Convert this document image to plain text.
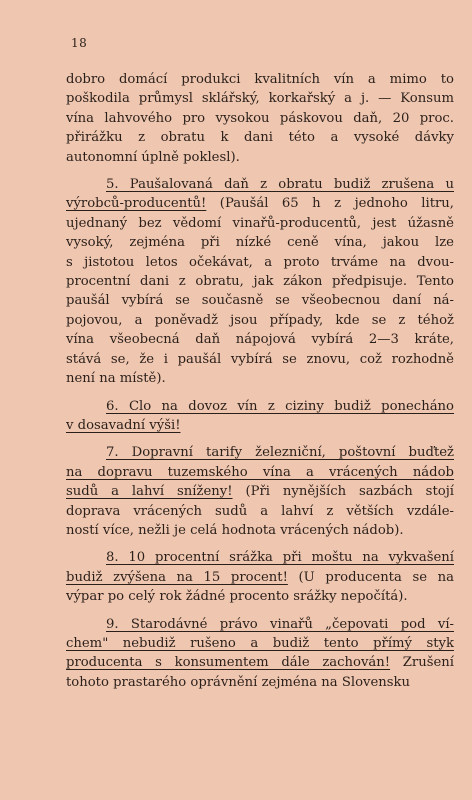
18
dobro domácí produkci kvalitních vín a mimo to
poškodila průmysl sklářský, korkařský a j. — Konsum
vína lahvového pro vysokou páskovou daň, 20 proc.
přirážku z obratu k dani této a vysoké dávky
autonomní úplně poklesl).
5. Paušalovaná daň z obratu budiž zrušena u
výrobců-producentů! (Paušál 65 h z jednoho litru,
ujednaný bez vědomí vinařů-producentů, jest úžasně
vysoký, zejména při nízké ceně vína, jakou lze
s jistotou letos očekávat, a proto trváme na dvou-
procentní dani z obratu, jak zákon předpisuje. Tento
paušál vybírá se současně se všeobecnou daní ná-
pojovou, a poněvadž jsou případy, kde se z téhož
vína všeobecná daň nápojová vybírá 2—3 kráte,
stává se, že i paušál vybírá se znovu, což rozhodně
není na místě).
6. Clo na dovoz vín z ciziny budiž ponecháno
v dosavadní výši!
7. Dopravní tarify železniční, poštovní buďtež
na dopravu tuzemského vína a vrácených nádob
sudů a lahví sníženy! (Při nynějších sazbách stojí
doprava vrácených sudů a lahví z větších vzdále-
ností více, nežli je celá hodnota vrácených nádob).
8. 10 procentní srážka při moštu na vykvašení
budiž zvýšena na 15 procent! (U producenta se na
výpar po celý rok žádné procento srážky nepočítá).
9. Starodávné právo vinařů „čepovati pod ví-
chem" nebudiž rušeno a budiž tento přímý styk
producenta s konsumentem dále zachován! Zrušení
tohoto prastarého oprávnění zejména na Slovensku
